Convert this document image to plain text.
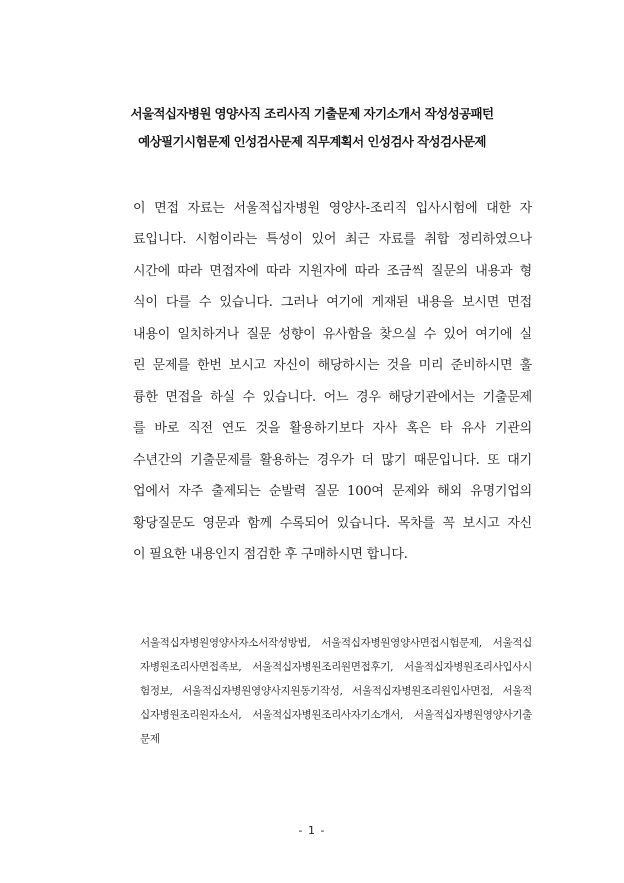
서울적십자병원 영양사직 조리사직 기출문제 자기소개서 작성성공패턴
예상필기시험문제 인성검사문제 직무계획서 인성검사 작성검사문제
이 면접 자료는 서울적십자병원 영양사-조리직 입사시험에 대한 자
료입니다. 시험이라는 특성이 있어 최근 자료를 취합 정리하였으나
시간에 따라 면접자에 따라 지원자에 따라 조금씩 질문의 내용과 형
식이 다를 수 있습니다. 그러나 여기에 게재된 내용을 보시면 면접
내용이 일치하거나 질문 성향이 유사함을 찾으실 수 있어 여기에 실
린 문제를 한번 보시고 자신이 해당하시는 것을 미리 준비하시면 훌
륭한 면접을 하실 수 있습니다. 어느 경우 해당기관에서는 기출문제
를 바로 직전 연도 것을 활용하기보다 자사 혹은 타 유사 기관의
수년간의 기출문제를 활용하는 경우가 더 많기 때문입니다. 또 대기
업에서 자주 출제되는 순발력 질문 100여 문제와 해외 유명기업의
황당질문도 영문과 함께 수록되어 있습니다. 목차를 꼭 보시고 자신
이 필요한 내용인지 점검한 후 구매하시면 합니다.
서울적십자병원영양사자소서작성방법, 서울적십자병원영양사면접시험문제, 서울적십
자병원조리사면접족보, 서울적십자병원조리원면접후기, 서울적십자병원조리사입사시
험정보, 서울적십자병원영양사지원동기작성, 서울적십자병원조리원입사면접, 서울적
십자병원조리원자소서, 서울적십자병원조리사자기소개서, 서울적십자병원영양사기출
문제
- 1 -
